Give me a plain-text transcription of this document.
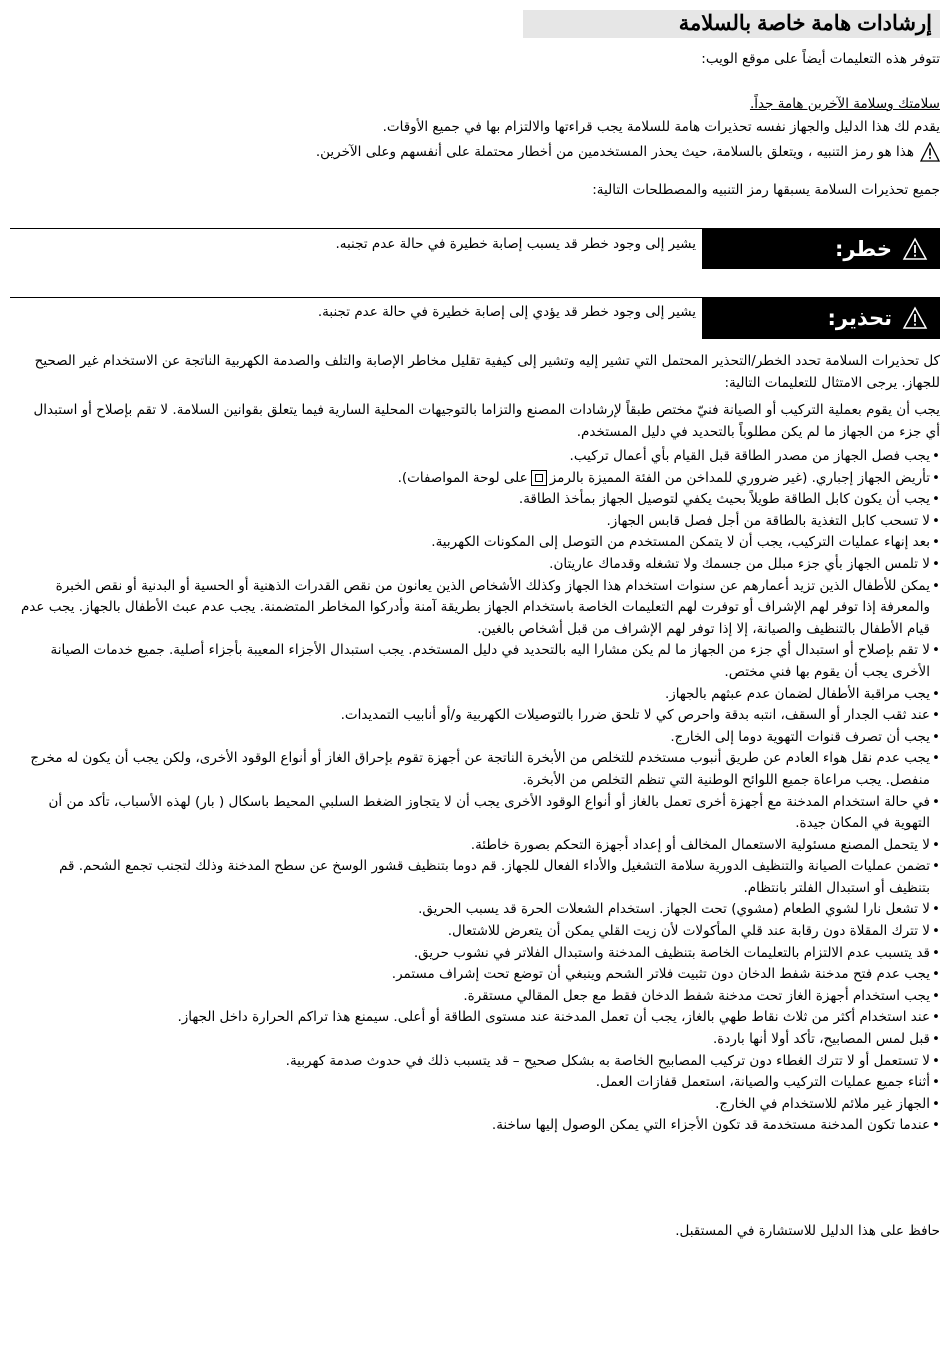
إرشادات هامة خاصة بالسلامة
تتوفر هذه التعليمات أيضاً على موقع الويب:
سلامتك وسلامة الآخرين هامة جداً.
يقدم لك هذا الدليل والجهاز نفسه تحذيرات هامة للسلامة يجب قراءتها والالتزام بها في جميع الأوقات.
هذا هو رمز التنبيه ، ويتعلق بالسلامة، حيث يحذر المستخدمين من أخطار محتملة على أنفسهم وعلى الآخرين.
جميع تحذيرات السلامة يسبقها رمز التنبيه والمصطلحات التالية:
يشير إلى وجود خطر قد يسبب إصابة خطيرة في حالة عدم تجنبه.	خطر:
يشير إلى وجود خطر قد يؤدي إلى إصابة خطيرة في حالة عدم تجنبة.	تحذير:
كل تحذيرات السلامة تحدد الخطر/التحذير المحتمل التي تشير إليه وتشير إلى كيفية تقليل مخاطر الإصابة والتلف والصدمة الكهربية الناتجة عن الاستخدام غير الصحيح للجهاز. يرجى الامتثال للتعليمات التالية:
يجب أن يقوم بعملية التركيب أو الصيانة فنيّ مختص طبقاً لإرشادات المصنع والتزاما بالتوجيهات المحلية السارية فيما يتعلق بقوانين السلامة. لا تقم بإصلاح أو استبدال أي جزء من الجهاز ما لم يكن مطلوباً بالتحديد في دليل المستخدم.
• يجب فصل الجهاز من مصدر الطاقة قبل القيام بأي أعمال تركيب.
• تأريض الجهاز إجباري. (غير ضروري للمداخن من الفئة المميزة بالرمزعلى لوحة المواصفات).
• يجب أن يكون كابل الطاقة طويلاً بحيث يكفي لتوصيل الجهاز بمأخذ الطاقة.
• لا تسحب كابل التغذية بالطاقة من أجل فصل قابس الجهاز.
• بعد إنهاء عمليات التركيب، يجب أن لا يتمكن المستخدم من التوصل إلى المكونات الكهربية.
• لا تلمس الجهاز بأي جزء مبلل من جسمك ولا تشغله وقدماك عاريتان.
• يمكن للأطفال الذين تزيد أعمارهم عن سنوات استخدام هذا الجهاز وكذلك الأشخاص الذين يعانون من نقص القدرات الذهنية أو الحسية أو البدنية أو نقص الخبرة والمعرفة إذا توفر لهم الإشراف أو توفرت لهم التعليمات الخاصة باستخدام الجهاز بطريقة آمنة وأدركوا المخاطر المتضمنة. يجب عدم عبث الأطفال بالجهاز. يجب عدم قيام الأطفال بالتنظيف والصيانة، إلا إذا توفر لهم الإشراف من قبل أشخاص بالغين.
• لا تقم بإصلاح أو استبدال أي جزء من الجهاز ما لم يكن مشارا اليه بالتحديد في دليل المستخدم. يجب استبدال الأجزاء المعيبة بأجزاء أصلية. جميع خدمات الصيانة الأخرى يجب أن يقوم بها فني مختص.
• يجب مراقبة الأطفال لضمان عدم عبثهم بالجهاز.
• عند ثقب الجدار أو السقف، انتبه بدقة واحرص كي لا تلحق ضررا بالتوصيلات الكهربية و/أو أنابيب التمديدات.
• يجب أن تصرف قنوات التهوية دوما إلى الخارج.
• يجب عدم نقل هواء العادم عن طريق أنبوب مستخدم للتخلص من الأبخرة الناتجة عن أجهزة تقوم بإحراق الغاز أو أنواع الوقود الأخرى، ولكن يجب أن يكون له مخرج منفصل. يجب مراعاة جميع اللوائح الوطنية التي تنظم التخلص من الأبخرة.
• في حالة استخدام المدخنة مع أجهزة أخرى تعمل بالغاز أو أنواع الوقود الأخرى يجب أن لا يتجاوز الضغط السلبي المحيط باسكال ( بار) لهذه الأسباب، تأكد من أن التهوية في المكان جيدة.
• لا يتحمل المصنع مسئولية الاستعمال المخالف أو إعداد أجهزة التحكم بصورة خاطئة.
• تضمن عمليات الصيانة والتنظيف الدورية سلامة التشغيل والأداء الفعال للجهاز. قم دوما بتنظيف قشور الوسخ عن سطح المدخنة وذلك لتجنب تجمع الشحم. قم بتنظيف أو استبدال الفلتر بانتظام.
• لا تشعل نارا لشوي الطعام (مشوي) تحت الجهاز. استخدام الشعلات الحرة قد يسبب الحريق.
• لا تترك المقلاة دون رقابة عند قلي المأكولات لأن زيت القلي يمكن أن يتعرض للاشتعال.
• قد يتسبب عدم الالتزام بالتعليمات الخاصة بتنظيف المدخنة واستبدال الفلاتر في نشوب حريق.
• يجب عدم فتح مدخنة شفط الدخان دون تثبيت فلاتر الشحم وينبغي أن توضع تحت إشراف مستمر.
• يجب استخدام أجهزة الغاز تحت مدخنة شفط الدخان فقط مع جعل المقالي مستقرة.
• عند استخدام أكثر من ثلاث نقاط طهي بالغاز، يجب أن تعمل المدخنة عند مستوى الطاقة أو أعلى. سيمنع هذا تراكم الحرارة داخل الجهاز.
• قبل لمس المصابيح، تأكد أولا أنها باردة.
• لا تستعمل أو لا تترك الغطاء دون تركيب المصابيح الخاصة به بشكل صحيح – قد يتسبب ذلك في حدوث صدمة كهربية.
• أثناء جميع عمليات التركيب والصيانة، استعمل قفازات العمل.
• الجهاز غير ملائم للاستخدام في الخارج.
• عندما تكون المدخنة مستخدمة قد تكون الأجزاء التي يمكن الوصول إليها ساخنة.
حافظ على هذا الدليل للاستشارة في المستقبل.
